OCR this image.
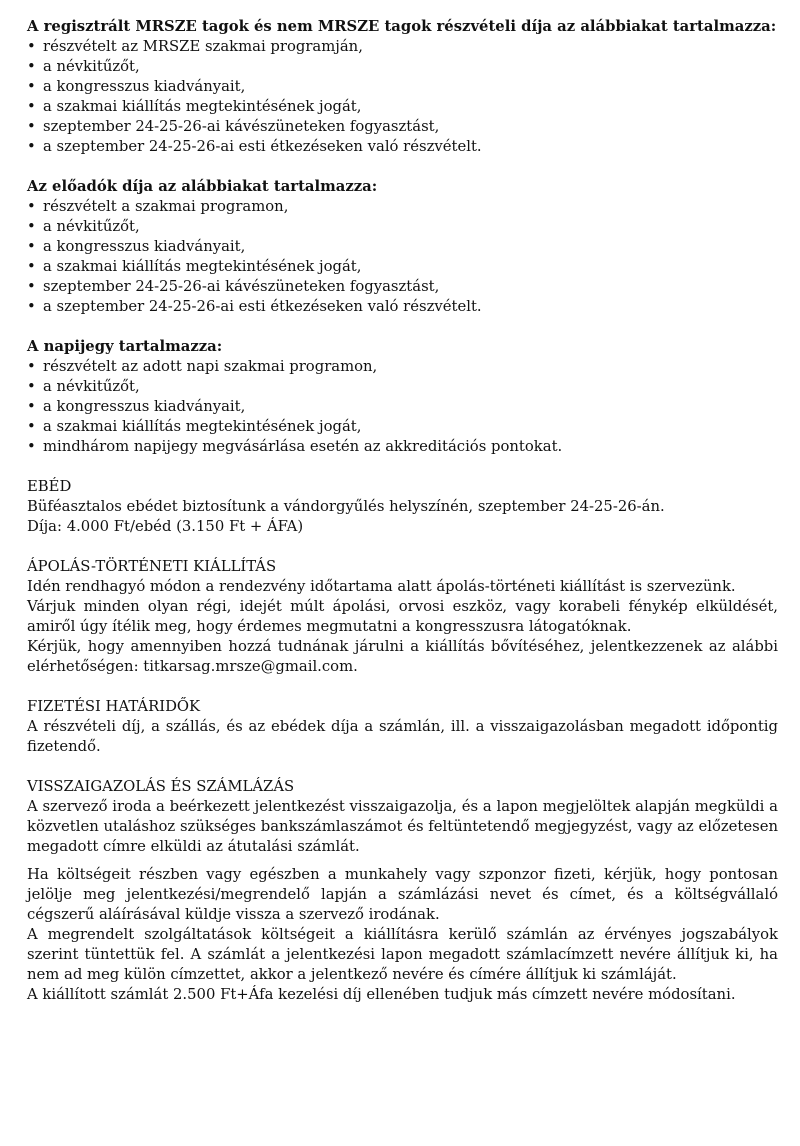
A regisztrált MRSZE tagok és nem MRSZE tagok részvételi díja az alábbiakat tartalmazza:

• részvételt az MRSZE szakmai programján,

• a névkitűzőt,

• a kongresszus kiadványait,

• a szakmai kiállítás megtekintésének jogát,

• szeptember 24-25-26-ai kávészüneteken fogyasztást,

• a szeptember 24-25-26-ai esti étkezéseken való részvételt.

Az előadók díja az alábbiakat tartalmazza:

• részvételt a szakmai programon,

• a névkitűzőt,

• a kongresszus kiadványait,

• a szakmai kiállítás megtekintésének jogát,

• szeptember 24-25-26-ai kávészüneteken fogyasztást,

• a szeptember 24-25-26-ai esti étkezéseken való részvételt.

A napijegy tartalmazza:

• részvételt az adott napi szakmai programon,

• a névkitűzőt,

• a kongresszus kiadványait,

• a szakmai kiállítás megtekintésének jogát,

• mindhárom napijegy megvásárlása esetén az akkreditációs pontokat.

EBÉD

Büféasztalos ebédet biztosítunk a vándorgyűlés helyszínén, szeptember 24-25-26-án.

Díja: 4.000 Ft/ebéd (3.150 Ft + ÁFA)

ÁPOLÁS-TÖRTÉNETI KIÁLLÍTÁS

Idén rendhagyó módon a rendezvény időtartama alatt ápolás-történeti kiállítást is szervezünk.

Várjuk minden olyan régi, idejét múlt ápolási, orvosi eszköz, vagy korabeli fénykép elküldését, amiről úgy ítélik meg, hogy érdemes megmutatni a kongresszusra látogatóknak.

Kérjük, hogy amennyiben hozzá tudnának járulni a kiállítás bővítéséhez, jelentkezzenek az alábbi elérhetőségen: titkarsag.mrsze@gmail.com.

FIZETÉSI HATÁRIDŐK

A részvételi díj, a szállás, és az ebédek díja a számlán, ill. a visszaigazolásban megadott időpontig fizetendő.

VISSZAIGAZOLÁS ÉS SZÁMLÁZÁS

A szervező iroda a beérkezett jelentkezést visszaigazolja, és a lapon megjelöltek alapján megküldi a közvetlen utaláshoz szükséges bankszámlaszámot és feltüntetendő megjegyzést, vagy az előzetesen megadott címre elküldi az átutalási számlát.

Ha költségeit részben vagy egészben a munkahely vagy szponzor fizeti, kérjük, hogy pontosan jelölje meg jelentkezési/megrendelő lapján a számlázási nevet és címet, és a költségvállaló cégszerű aláírásával küldje vissza a szervező irodának.

A megrendelt szolgáltatások költségeit a kiállításra kerülő számlán az érvényes jogszabályok szerint tüntettük fel. A számlát a jelentkezési lapon megadott számlacímzett nevére állítjuk ki, ha nem ad meg külön címzettet, akkor a jelentkező nevére és címére állítjuk ki számláját.

A kiállított számlát 2.500 Ft+Áfa kezelési díj ellenében tudjuk más címzett nevére módosítani.
